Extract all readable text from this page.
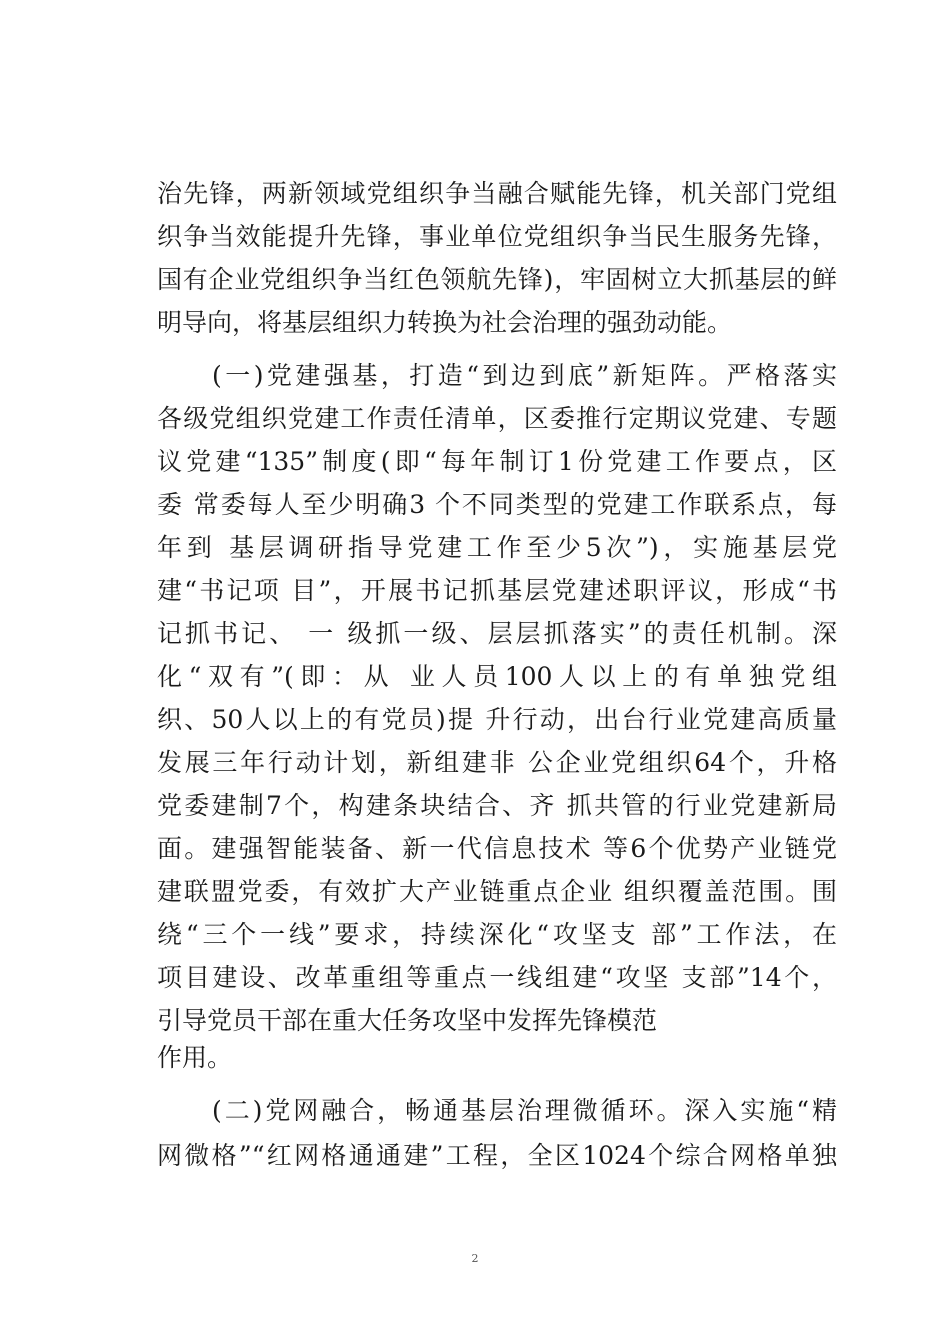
治先锋，两新领域党组织争当融合赋能先锋，机关部门党组
织争当效能提升先锋，事业单位党组织争当民生服务先锋，
国有企业党组织争当红色领航先锋)，牢固树立大抓基层的鲜
明导向，将基层组织力转换为社会治理的强劲动能。
(一)党建强基，打造“到边到底”新矩阵。严格落实
各级党组织党建工作责任清单，区委推行定期议党建、专题
议党建“135”制度(即“每年制订1份党建工作要点，区
委 常委每人至少明确3 个不同类型的党建工作联系点，每
年到 基层调研指导党建工作至少5次”)，实施基层党
建“书记项 目”，开展书记抓基层党建述职评议，形成“书
记抓书记、 一 级抓一级、层层抓落实”的责任机制。深
化“双有”(即：从 业人员100人以上的有单独党组
织、50人以上的有党员)提 升行动，出台行业党建高质量
发展三年行动计划，新组建非 公企业党组织64个，升格
党委建制7个，构建条块结合、齐 抓共管的行业党建新局
面。建强智能装备、新一代信息技术 等6个优势产业链党
建联盟党委，有效扩大产业链重点企业 组织覆盖范围。围
绕“三个一线”要求，持续深化“攻坚支 部”工作法，在
项目建设、改革重组等重点一线组建“攻坚 支部”14个，
引导党员干部在重大任务攻坚中发挥先锋模范
作用。
(二)党网融合，畅通基层治理微循环。深入实施“精
网微格”“红网格通通建”工程，全区1024个综合网格单独
2
